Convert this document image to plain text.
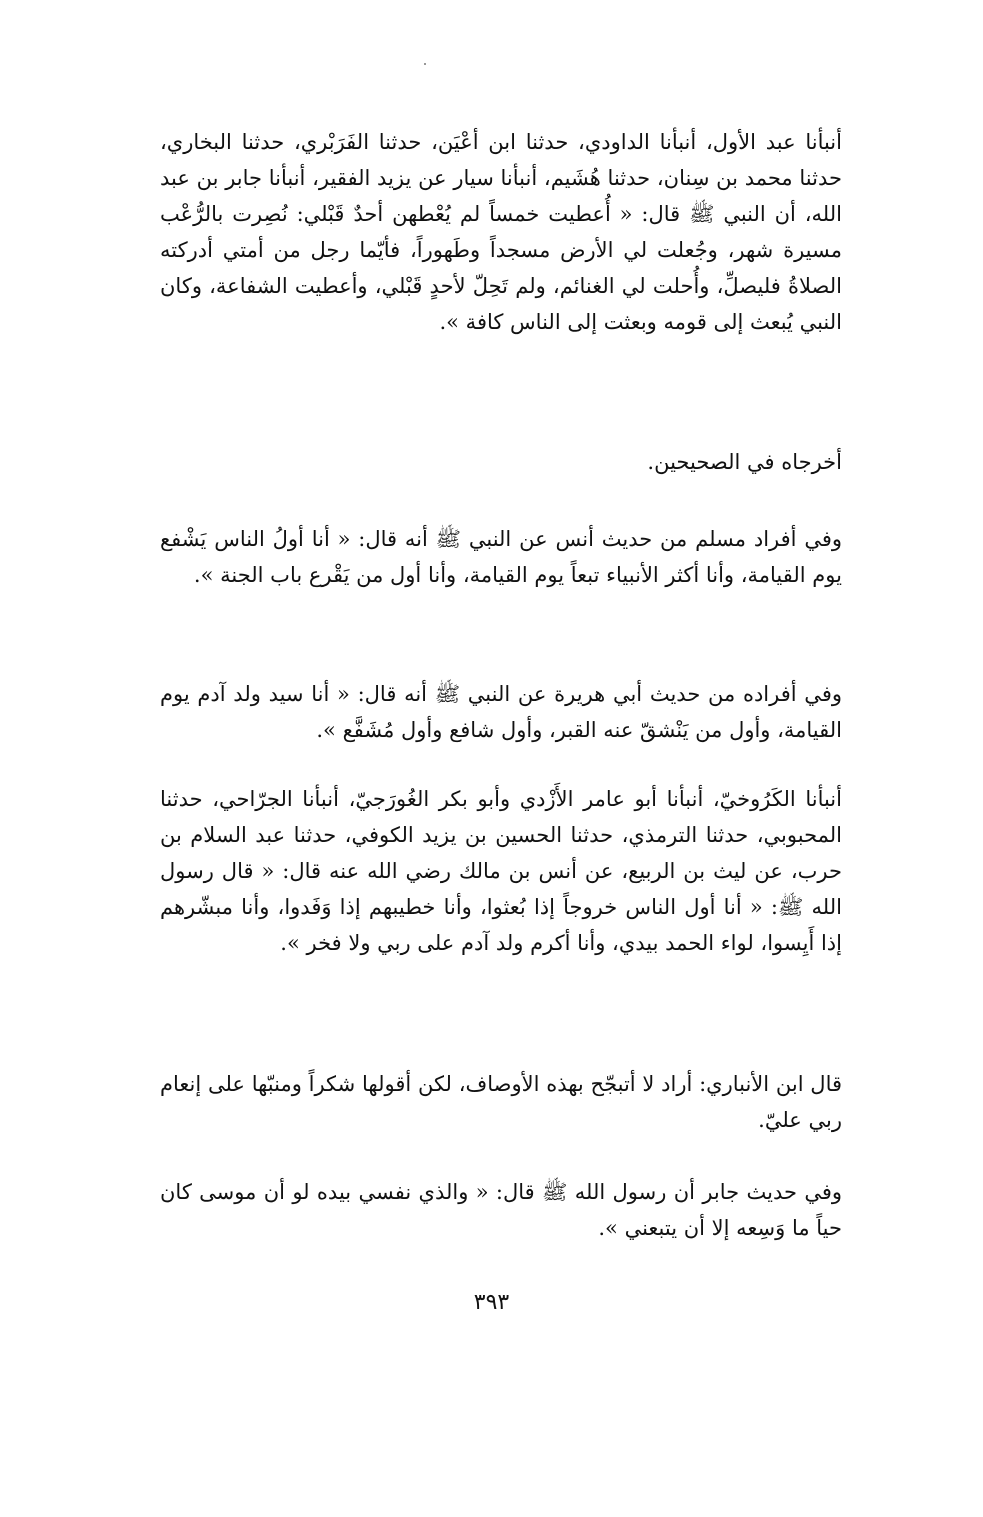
أنبأنا عبد الأول، أنبأنا الداودي، حدثنا ابن أعْيَن، حدثنا الفَرَبْري، حدثنا البخاري، حدثنا محمد بن سِنان، حدثنا هُشَيم، أنبأنا سيار عن يزيد الفقير، أنبأنا جابر بن عبد الله، أن النبي ﷺ قال: « أُعطيت خمساً لم يُعْطهن أحدٌ قَبْلي: نُصِرت بالرُّعْب مسيرة شهر، وجُعلت لي الأرض مسجداً وطَهوراً، فأيّما رجل من أمتي أدركته الصلاةُ فليصلِّ، وأُحلت لي الغنائم، ولم تَحِلّ لأحدٍ قَبْلي، وأعطيت الشفاعة، وكان النبي يُبعث إلى قومه وبعثت إلى الناس كافة ».

أخرجاه في الصحيحين.

وفي أفراد مسلم من حديث أنس عن النبي ﷺ أنه قال: « أنا أولُ الناس يَشْفع يوم القيامة، وأنا أكثر الأنبياء تبعاً يوم القيامة، وأنا أول من يَقْرع باب الجنة ».

وفي أفراده من حديث أبي هريرة عن النبي ﷺ أنه قال: « أنا سيد ولد آدم يوم القيامة، وأول من يَنْشقّ عنه القبر، وأول شافع وأول مُشَفَّع ».

أنبأنا الكَرُوخيّ، أنبأنا أبو عامر الأَزْدي وأبو بكر الغُورَجيّ، أنبأنا الجرّاحي، حدثنا المحبوبي، حدثنا الترمذي، حدثنا الحسين بن يزيد الكوفي، حدثنا عبد السلام بن حرب، عن ليث بن الربيع، عن أنس بن مالك رضي الله عنه قال: « قال رسول الله ﷺ: « أنا أول الناس خروجاً إذا بُعثوا، وأنا خطيبهم إذا وَفَدوا، وأنا مبشّرهم إذا أَيِسوا، لواء الحمد بيدي، وأنا أكرم ولد آدم على ربي ولا فخر ».

قال ابن الأنباري: أراد لا أتبجّح بهذه الأوصاف، لكن أقولها شكراً ومنبّها على إنعام ربي عليّ.

وفي حديث جابر أن رسول الله ﷺ قال: « والذي نفسي بيده لو أن موسى كان حياً ما وَسِعه إلا أن يتبعني ».

٣٩٣
